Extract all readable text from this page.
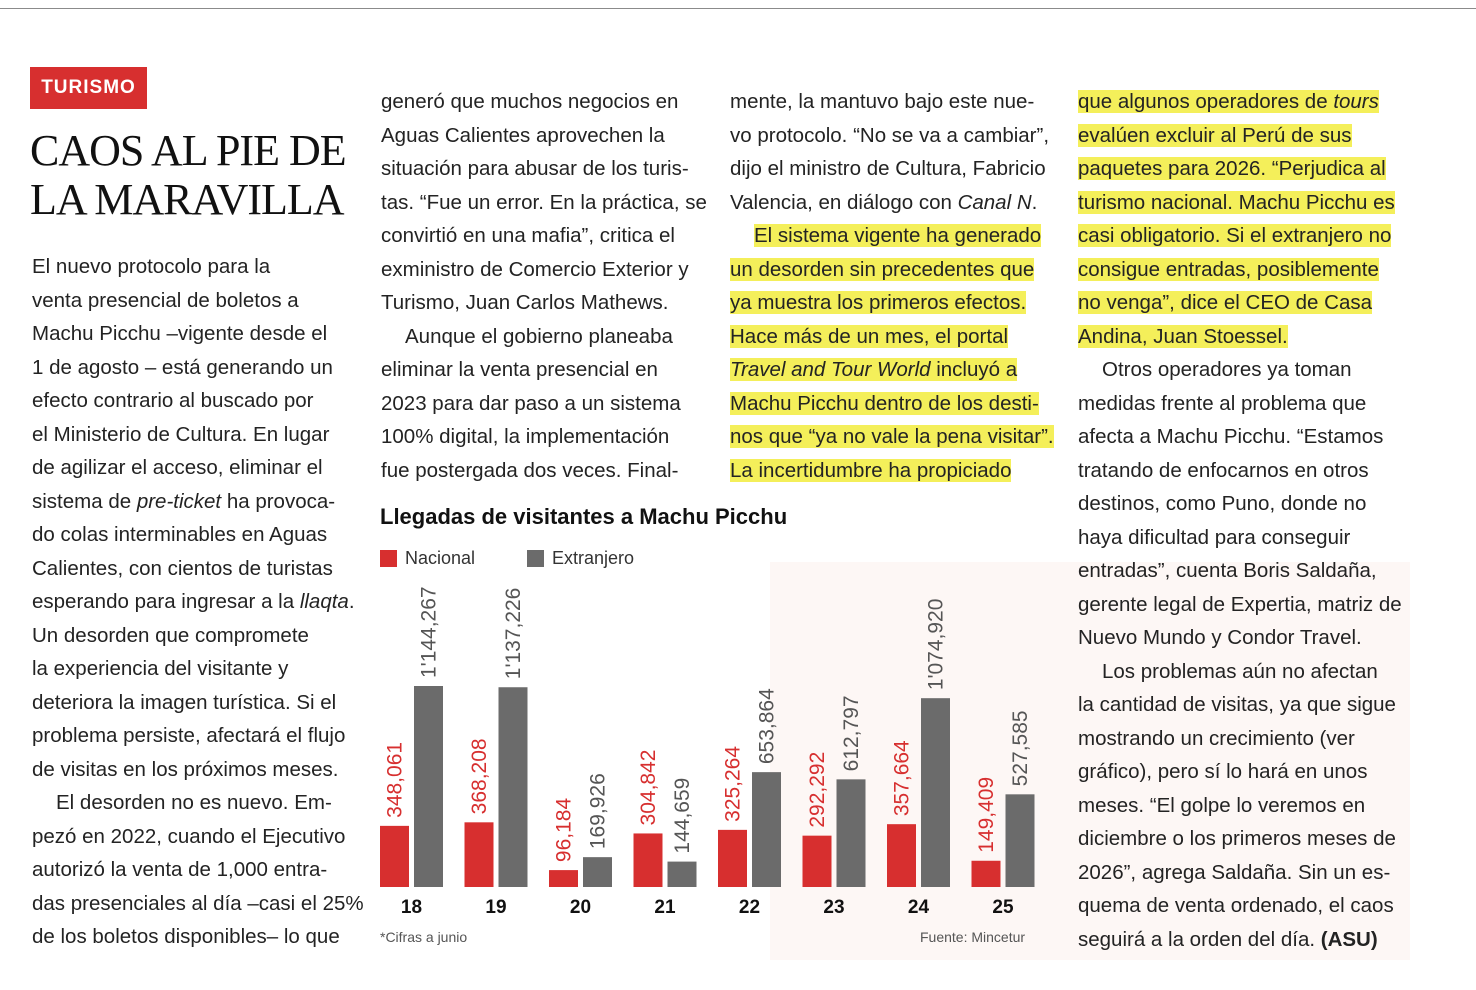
TURISMO
CAOS AL PIE DE
LA MARAVILLA
El nuevo protocolo para la
venta presencial de boletos a
Machu Picchu –vigente desde el
1 de agosto – está generando un
efecto contrario al buscado por
el Ministerio de Cultura. En lugar
de agilizar el acceso, eliminar el
sistema de pre-ticket ha provoca-
do colas interminables en Aguas
Calientes, con cientos de turistas
esperando para ingresar a la llaqta.
Un desorden que compromete
la experiencia del visitante y
deteriora la imagen turística. Si el
problema persiste, afectará el flujo
de visitas en los próximos meses.
El desorden no es nuevo. Em-
pezó en 2022, cuando el Ejecutivo
autorizó la venta de 1,000 entra-
das presenciales al día –casi el 25%
de los boletos disponibles– lo que
generó que muchos negocios en
Aguas Calientes aprovechen la
situación para abusar de los turis-
tas. “Fue un error. En la práctica, se
convirtió en una mafia”, critica el
exministro de Comercio Exterior y
Turismo, Juan Carlos Mathews.
Aunque el gobierno planeaba
eliminar la venta presencial en
2023 para dar paso a un sistema
100% digital, la implementación
fue postergada dos veces. Final-
mente, la mantuvo bajo este nue-
vo protocolo. “No se va a cambiar”,
dijo el ministro de Cultura, Fabricio
Valencia, en diálogo con Canal N.
El sistema vigente ha generado
un desorden sin precedentes que
ya muestra los primeros efectos.
Hace más de un mes, el portal
Travel and Tour World incluyó a
Machu Picchu dentro de los desti-
nos que “ya no vale la pena visitar”.
La incertidumbre ha propiciado
que algunos operadores de tours
evalúen excluir al Perú de sus
paquetes para 2026. “Perjudica al
turismo nacional. Machu Picchu es
casi obligatorio. Si el extranjero no
consigue entradas, posiblemente
no venga”, dice el CEO de Casa
Andina, Juan Stoessel.
Otros operadores ya toman
medidas frente al problema que
afecta a Machu Picchu. “Estamos
tratando de enfocarnos en otros
destinos, como Puno, donde no
haya dificultad para conseguir
entradas”, cuenta Boris Saldaña,
gerente legal de Expertia, matriz de
Nuevo Mundo y Condor Travel.
Los problemas aún no afectan
la cantidad de visitas, ya que sigue
mostrando un crecimiento (ver
gráfico), pero sí lo hará en unos
meses. “El golpe lo veremos en
diciembre o los primeros meses de
2026”, agrega Saldaña. Sin un es-
quema de venta ordenado, el caos
seguirá a la orden del día. (ASU)
Llegadas de visitantes a Machu Picchu
Nacional	Extranjero
348,061
1'144,267
18
368,208
1'137,226
19
96,184 169,926
20
304,842 144,659
21
325,264
653,864
22
292,292
612,797
23
357,664
1'074,920
24
149,409
527,585
25
*Cifras a junio	Fuente: Mincetur
